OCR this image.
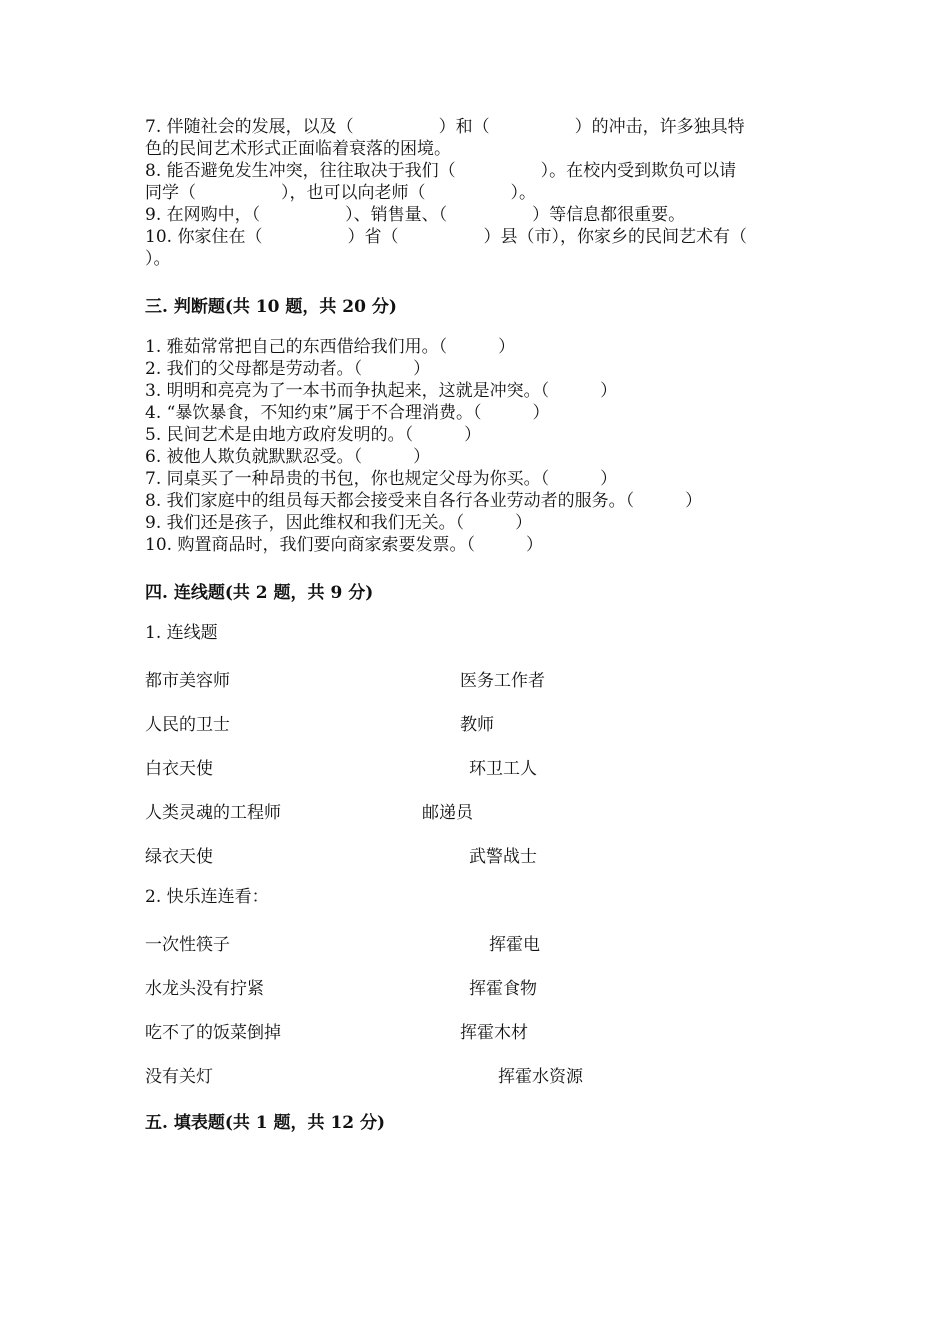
7. 伴随社会的发展，以及（　　　　　）和（　　　　　）的冲击，许多独具特
色的民间艺术形式正面临着衰落的困境。
8. 能否避免发生冲突，往往取决于我们（　　　　　）。在校内受到欺负可以请
同学（　　　　　），也可以向老师（　　　　　）。
9. 在网购中，（　　　　　）、销售量、（　　　　　）等信息都很重要。
10. 你家住在（　　　　　）省（　　　　　）县（市），你家乡的民间艺术有（
）。
三. 判断题(共 10 题，共 20 分)
1. 雅茹常常把自己的东西借给我们用。（　　　）
2. 我们的父母都是劳动者。（　　　）
3. 明明和亮亮为了一本书而争执起来，这就是冲突。（　　　）
4. “暴饮暴食，不知约束”属于不合理消费。（　　　）
5. 民间艺术是由地方政府发明的。（　　　）
6. 被他人欺负就默默忍受。（　　　）
7. 同桌买了一种昂贵的书包，你也规定父母为你买。（　　　）
8. 我们家庭中的组员每天都会接受来自各行各业劳动者的服务。（　　　）
9. 我们还是孩子，因此维权和我们无关。（　　　）
10. 购置商品时，我们要向商家索要发票。（　　　）
四. 连线题(共 2 题，共 9 分)
1. 连线题
都市美容师	医务工作者
人民的卫士	教师
白衣天使	环卫工人
人类灵魂的工程师	邮递员
绿衣天使	武警战士
2. 快乐连连看：
一次性筷子	挥霍电
水龙头没有拧紧	挥霍食物
吃不了的饭菜倒掉	挥霍木材
没有关灯	挥霍水资源
五. 填表题(共 1 题，共 12 分)
